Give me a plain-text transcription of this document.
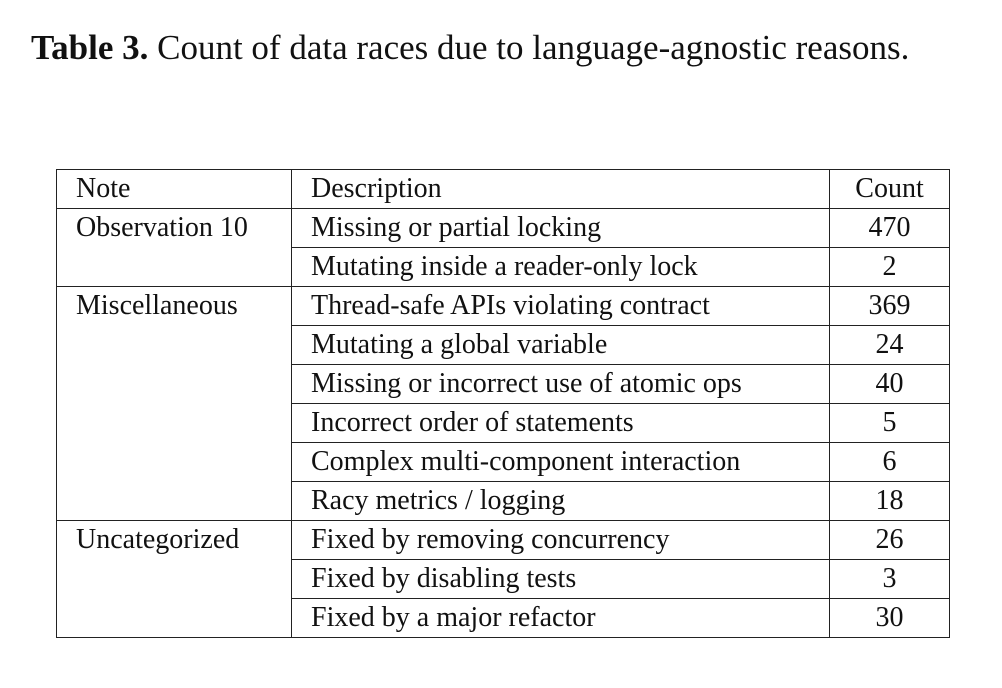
Table 3. Count of data races due to language-agnostic reasons.

Note	Description	Count
Observation 10	Missing or partial locking	470
	Mutating inside a reader-only lock	2
Miscellaneous	Thread-safe APIs violating contract	369
	Mutating a global variable	24
	Missing or incorrect use of atomic ops	40
	Incorrect order of statements	5
	Complex multi-component interaction	6
	Racy metrics / logging	18
Uncategorized	Fixed by removing concurrency	26
	Fixed by disabling tests	3
	Fixed by a major refactor	30
